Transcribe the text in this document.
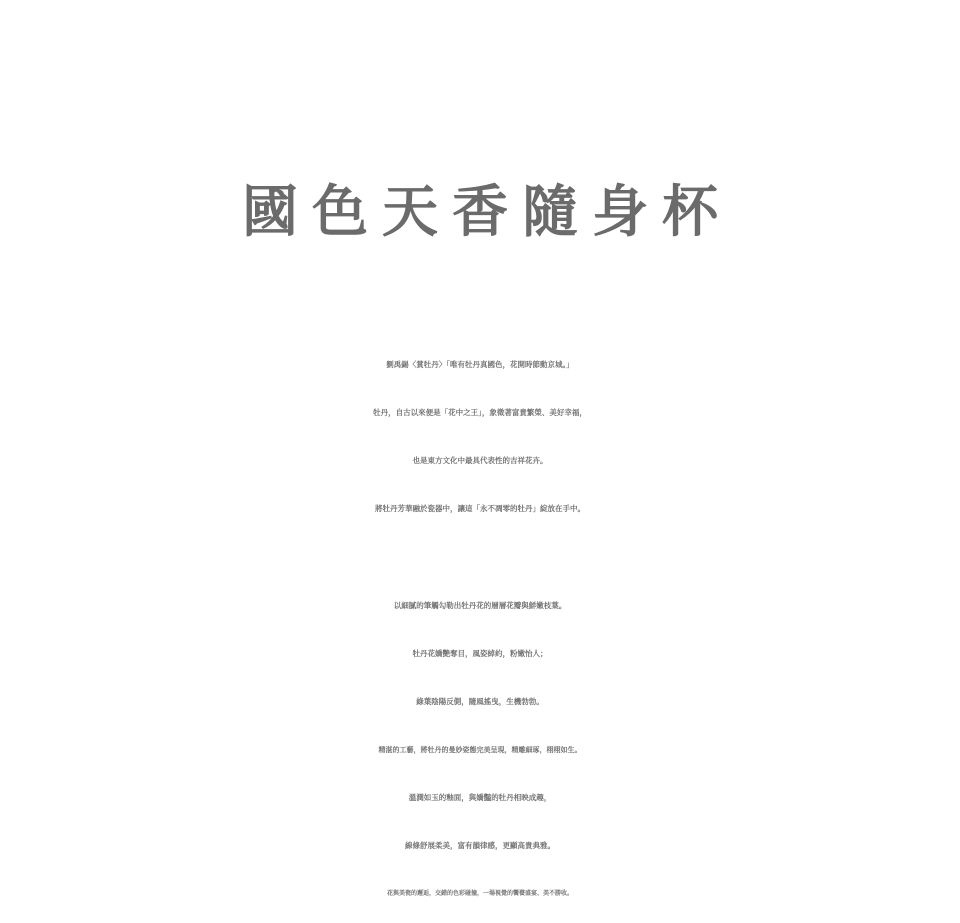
國色天香隨身杯

劉禹錫〈賞牡丹〉「唯有牡丹真國色，花開時節動京城。」

牡丹，自古以來便是「花中之王」，象徵著富貴繁榮、美好幸福，

也是東方文化中最具代表性的吉祥花卉。

將牡丹芳華融於瓷器中，讓這「永不凋零的牡丹」綻放在手中。

以細膩的筆觸勾勒出牡丹花的層層花瓣與鮮嫩枝葉。

牡丹花嬌艷奪目，風姿綽約，粉嫩怡人；

綠葉陰陽反側，隨風搖曳，生機勃勃。

精湛的工藝，將牡丹的曼妙姿態完美呈現，精雕細琢，栩栩如生。

溫潤如玉的釉面，與嬌豔的牡丹相映成趣，

線條舒展柔美，富有韻律感，更顯高貴典雅。

花與美瓷的邂逅，交錯的色彩碰撞，一場視覺的饗餮盛宴、美不勝收。
